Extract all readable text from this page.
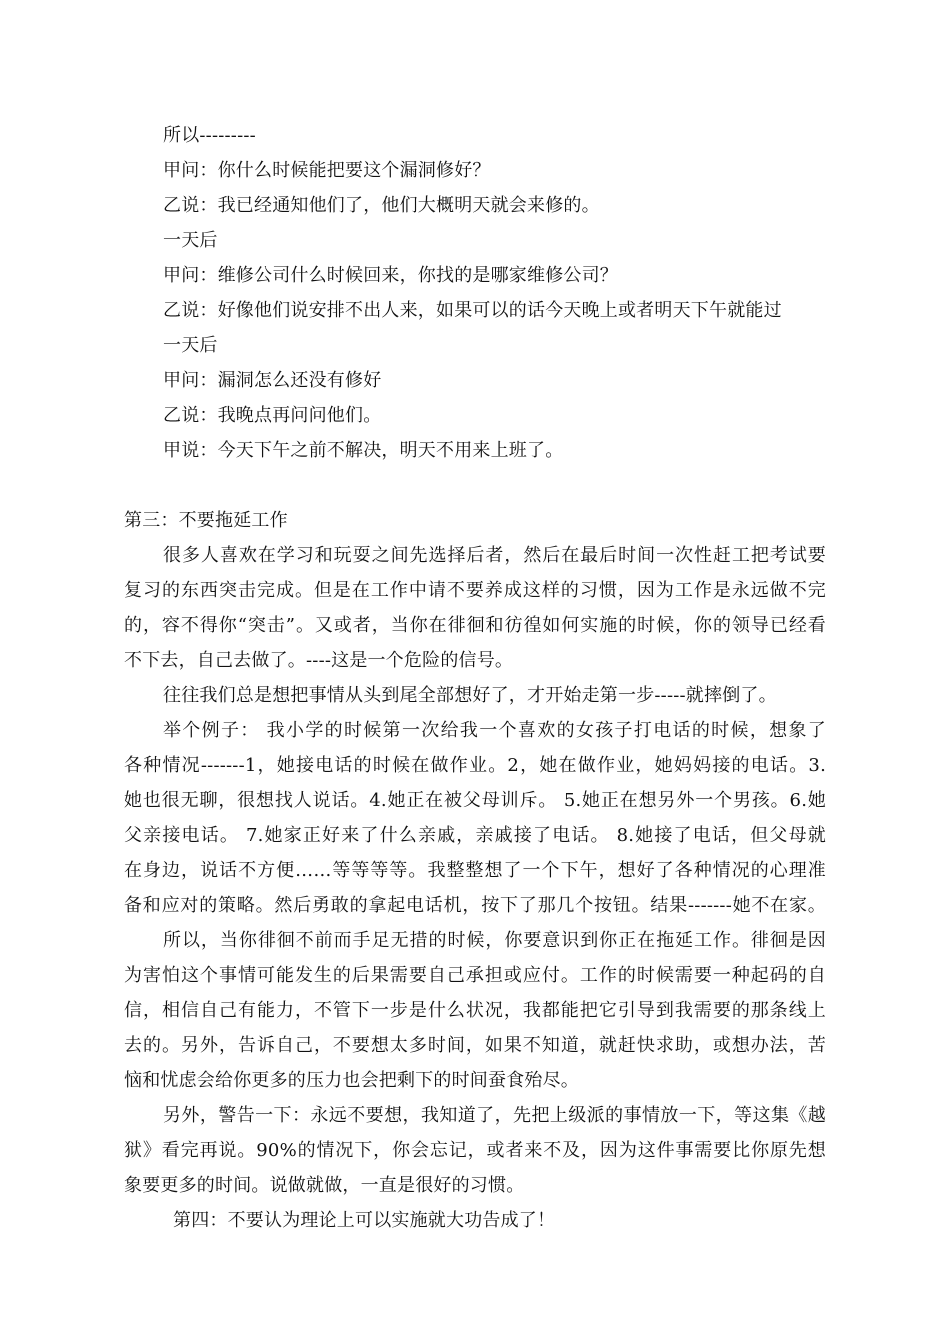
所以---------
甲问：你什么时候能把要这个漏洞修好？
乙说：我已经通知他们了，他们大概明天就会来修的。
一天后
甲问：维修公司什么时候回来，你找的是哪家维修公司？
乙说：好像他们说安排不出人来，如果可以的话今天晚上或者明天下午就能过
一天后
甲问：漏洞怎么还没有修好
乙说：我晚点再问问他们。
甲说：今天下午之前不解决，明天不用来上班了。
第三：不要拖延工作
很多人喜欢在学习和玩耍之间先选择后者，然后在最后时间一次性赶工把考试要
复习的东西突击完成。但是在工作中请不要养成这样的习惯，因为工作是永远做不完
的，容不得你“突击”。又或者，当你在徘徊和彷徨如何实施的时候，你的领导已经看
不下去，自己去做了。----这是一个危险的信号。
往往我们总是想把事情从头到尾全部想好了，才开始走第一步-----就摔倒了。
举个例子： 我小学的时候第一次给我一个喜欢的女孩子打电话的时候，想象了
各种情况-------1，她接电话的时候在做作业。2，她在做作业，她妈妈接的电话。3.
她也很无聊，很想找人说话。4.她正在被父母训斥。 5.她正在想另外一个男孩。6.她
父亲接电话。 7.她家正好来了什么亲戚，亲戚接了电话。 8.她接了电话，但父母就
在身边，说话不方便……等等等等。我整整想了一个下午，想好了各种情况的心理准
备和应对的策略。然后勇敢的拿起电话机，按下了那几个按钮。结果-------她不在家。
所以，当你徘徊不前而手足无措的时候，你要意识到你正在拖延工作。徘徊是因
为害怕这个事情可能发生的后果需要自己承担或应付。工作的时候需要一种起码的自
信，相信自己有能力，不管下一步是什么状况，我都能把它引导到我需要的那条线上
去的。另外，告诉自己，不要想太多时间，如果不知道，就赶快求助，或想办法，苦
恼和忧虑会给你更多的压力也会把剩下的时间蚕食殆尽。
另外，警告一下：永远不要想，我知道了，先把上级派的事情放一下，等这集《越
狱》看完再说。90%的情况下，你会忘记，或者来不及，因为这件事需要比你原先想
象要更多的时间。说做就做，一直是很好的习惯。
第四：不要认为理论上可以实施就大功告成了！
